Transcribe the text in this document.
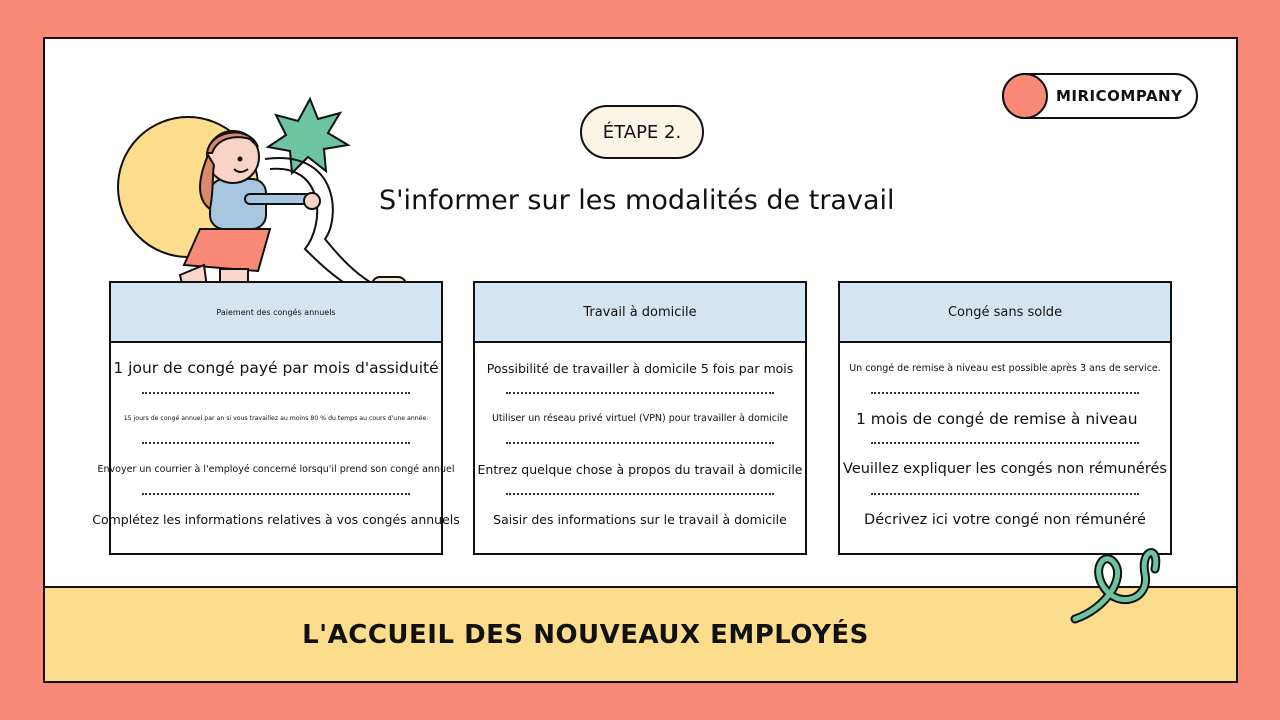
MIRICOMPANY
ÉTAPE 2.
S'informer sur les modalités de travail
Paiement des congés annuels
1 jour de congé payé par mois d'assiduité
15 jours de congé annuel par an si vous travaillez au moins 80 % du temps au cours d'une année.
Envoyer un courrier à l'employé concerné lorsqu'il prend son congé annuel
Complétez les informations relatives à vos congés annuels
Travail à domicile
Possibilité de travailler à domicile 5 fois par mois
Utiliser un réseau privé virtuel (VPN) pour travailler à domicile
Entrez quelque chose à propos du travail à domicile
Saisir des informations sur le travail à domicile
Congé sans solde
Un congé de remise à niveau est possible après 3 ans de service.
1 mois de congé de remise à niveau
Veuillez expliquer les congés non rémunérés
Décrivez ici votre congé non rémunéré
L'ACCUEIL DES NOUVEAUX EMPLOYÉS
